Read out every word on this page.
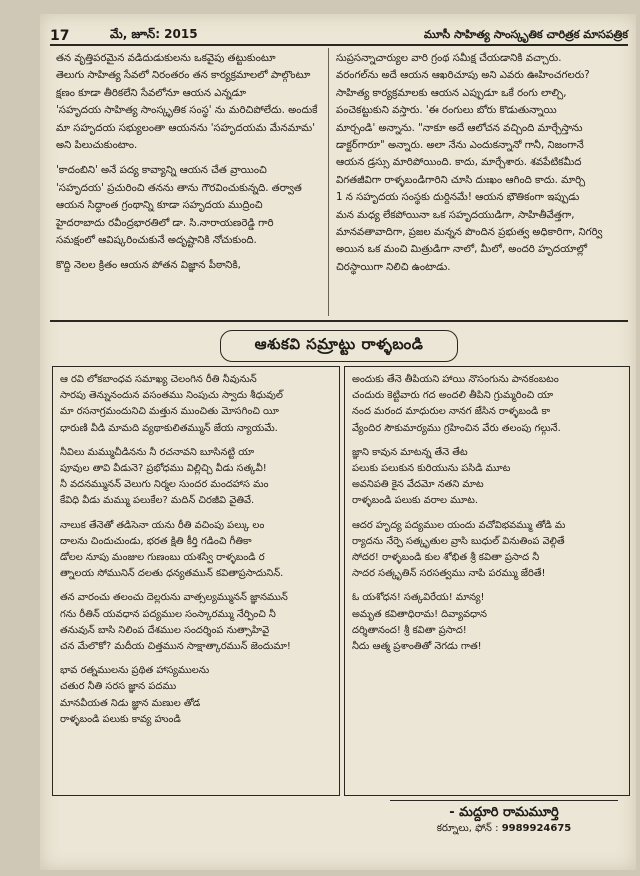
17	మే, జూన్: 2015	మూసీ సాహిత్య సాంస్కృతిక చారిత్రక మాసపత్రిక

తన వృత్తిపరమైన వడిదుడుకులను ఒకవైపు తట్టుకుంటూ

తెలుగు సాహిత్య సేవలో నిరంతరం తన కార్యక్రమాలలో పాల్గొంటూ

క్షణం కూడా తీరికలేని సేవలోనూ ఆయన ఎన్నడూ

'సహృదయ సాహిత్య సాంస్కృతిక సంస్థ' ను మరిచిపోలేదు. అందుకే

మా సహృదయ సభ్యులంతా ఆయనను 'సహృదయమ మేనమామ'

అని పిలుచుకుంటాం.

'కాదంబిని' అనే పద్య కావ్యాన్ని ఆయన చేత వ్రాయించి

'సహృదయ' ప్రచురించి తనను తాను గౌరవించుకున్నది. తర్వాత

ఆయన సిద్ధాంత గ్రంథాన్ని కూడా సహృదయ ముద్రించి

హైదరాబాదు రవీంద్రభారతిలో డా. సి.నారాయణరెడ్డి గారి

సమక్షంలో ఆవిష్కరించుకునే అదృష్టానికి నోచుకుంది.

కొద్ది నెలల క్రితం ఆయన పోతన విజ్ఞాన పీఠానికి,

సుప్రసన్నాచార్యుల వారి గ్రంథ సమీక్ష చేయడానికి వచ్చారు.

వరంగల్‌ను అదే ఆయన ఆఖరిచూపు అని ఎవరు ఊహించగలరు?

సాహిత్య కార్యక్రమాలకు ఆయన ఎప్పుడూ ఒకే రంగు లాల్చి,

పంచెకట్టుకుని వస్తారు. 'ఈ రంగులు బోరు కొడుతున్నాయి

మార్చండి' అన్నాను. "నాకూ అదే ఆలోచన వచ్చింది మార్చేస్తాను

డాక్టర్‌గారూ" అన్నారు. అలా నేను ఎందుకన్నానో గానీ, నిజంగానే

ఆయన డ్రస్సు మారిపోయింది. కాదు, మార్చేశారు. శవపేటికమీద

విగతజీవిగా రాళ్ళబండిగారిని చూసి దుఃఖం ఆగింది కాదు. మార్చి

1 న సహృదయ సంస్థకు దుర్దినమే! ఆయన భౌతికంగా ఇప్పుడు

మన మధ్య లేకపోయినా ఒక సహృదయుడిగా, సాహితీవేత్తగా,

మానవతావాదిగా, ప్రజల మన్నన పొందిన ప్రభుత్వ అధికారిగా, నిగర్వి

అయిన ఒక మంచి మిత్రుడిగా నాలో, మీలో, అందరి హృదయాల్లో

చిరస్థాయిగా నిలిచి ఉంటాడు.

ఆశుకవి సమ్రాట్టు రాళ్ళబండి

ఆ రవి లోకబాంధవ సమాఖ్య చెలంగిన రీతి నీవునున్

సారపు తెన్నునందున వసంతము నింపుచు స్వాదు శీధువుల్

మా రసనాగ్రమందునిచి మత్తున ముంచితు మోసగించి యీ

ధారుణి వీడి మామది వ్యథాకులితమ్మున్ జేయ న్యాయమే.

నీవిలు మమ్ముచీడినను నీ రచనావని బూసినట్టి యా

పూవుల తావి వీడునె? ప్రభోధము విల్లిచ్చి వీడు సత్కవీ!

నీ వదనమ్మునన్ వెలుగు నిర్మల సుందర మందహాస మం

కేవిధి వీడు మమ్ము పలుకేల? మదిన్ చిరజీవి వైతివే.

నాలుక తేనెతో తడిసెనా యను రీతి వచింపు పల్కు లం

దాలను చిందుచుండు, భరత క్షితి కీర్తి గడించి గీతికా

డోలల నూపు మంజుల గుణంబు యశస్వి రాళ్ళబండి ర

త్నాలయ సోమునిన్ దలతు ధన్యతమున్ కవితాప్రసాదునిన్.

తన వారంచు తలంచు దెల్లరును వాత్సల్యమ్మునన్ జ్ఞానమున్

గను రీతిన్ యవధాన పద్యముల సంస్కారమ్ము నేర్పించి నీ

తనువున్ బాసి నిలింప దేశముల సందర్శింప నుత్సాహివై

చన మేలొకో? మదీయ చిత్తమున సాక్షాత్కారమున్ జెందుమా!

భావ రత్నములను ప్రథిత హాస్యములను

చతుర నీతి సరస జ్ఞాన పదము

మానవీయత నిడు జ్ఞాన మణుల తోడ

రాళ్ళబండి పలుకు కావ్య హుండి

అందుకు తేనె తీపియని హాయి నొసంగును పానకంబటం

చందురు కెట్టివారు గద అందలి తీపిని గ్రుమ్మరించి యా

నంద మరంద మాధురుల నానగ జేసిన రాళ్ళబండి కా

వ్యేందిర సౌకుమార్యము గ్రహించిన వేరు తలంపు గల్గునే.

జ్ఞాని కావున మాటన్న తేనె తేట

పలుకు పలుకున కురియును పసిడి మూట

అవనిపతి కైన వేదమో నతని మాట

రాళ్ళబండి పలుకు వరాల మూట.

ఆదర హృద్య పద్యముల యందు వచోవిభవమ్ము తోడి మ

ర్యాదను నేర్పె సత్కృతుల వ్రాసి బుధుల్ వినుతింప వెల్గితే

సోదర! రాళ్ళబండి కుల శోభిత శ్రీ కవితా ప్రసాద నీ

సాదర సత్కృతిన్ సరసత్వము నాపి పరమ్ము జేరితే!

ఓ యశోధన! సత్కవిరేయ! మాన్య!

అమృత కవితాధిరామ! దివ్యావధాన

దర్శితానంద! శ్రీ కవితా ప్రసాద!

నీదు ఆత్మ ప్రశాంతితో నెగడు గాత!

- మద్దూరి రామమూర్తి
కర్నూలు, ఫోన్ : 9989924675
